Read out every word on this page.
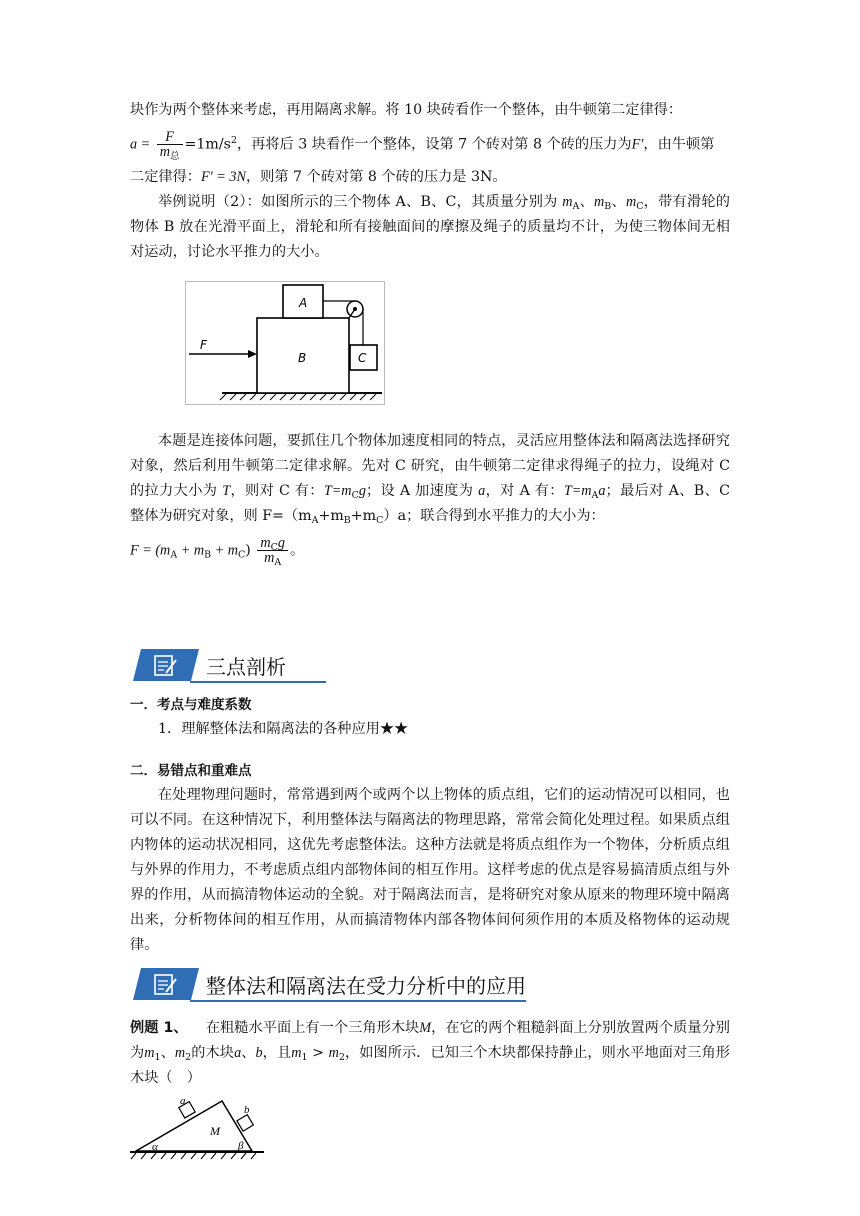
块作为两个整体来考虑，再用隔离求解。将 10 块砖看作一个整体，由牛顿第二定律得：

$a = \frac{F}{m_总} =1m/s^2$，再将后 3 块看作一个整体，设第 7 个砖对第 8 个砖的压力为F′，由牛顿第

二定律得：F′ = 3N，则第 7 个砖对第 8 个砖的压力是 3N。

举例说明（2）：如图所示的三个物体 A、B、C，其质量分别为 $m_A$、$m_B$、$m_C$，带有滑轮的物体 B 放在光滑平面上，滑轮和所有接触面间的摩擦及绳子的质量均不计，为使三物体间无相对运动，讨论水平推力的大小。

F
A
B	C

本题是连接体问题，要抓住几个物体加速度相同的特点，灵活应用整体法和隔离法选择研究对象，然后利用牛顿第二定律求解。先对 C 研究，由牛顿第二定律求得绳子的拉力，设绳对 C 的拉力大小为 T，则对 C 有：$T=m_Cg$；设 A 加速度为 a，对 A 有：$T=m_Aa$；最后对 A、B、C 整体为研究对象，则 $F=(m_A+m_B+m_C)a$；联合得到水平推力的大小为：

$F = (m_A + m_B + m_C) \frac{m_Cg}{m_A}$ 。
三点剖析

一．考点与难度系数

1．理解整体法和隔离法的各种应用★★

二．易错点和重难点

在处理物理问题时，常常遇到两个或两个以上物体的质点组，它们的运动情况可以相同，也可以不同。在这种情况下，利用整体法与隔离法的物理思路，常常会简化处理过程。如果质点组内物体的运动状况相同，这优先考虑整体法。这种方法就是将质点组作为一个物体，分析质点组与外界的作用力，不考虑质点组内部物体间的相互作用。这样考虑的优点是容易搞清质点组与外界的作用，从而搞清物体运动的全貌。对于隔离法而言，是将研究对象从原来的物理环境中隔离出来，分析物体间的相互作用，从而搞清物体内部各物体间何须作用的本质及格物体的运动规律。

整体法和隔离法在受力分析中的应用

例题 1、 在粗糙水平面上有一个三角形木块M，在它的两个粗糙斜面上分别放置两个质量分别为$m_1$、$m_2$的木块a、b，且$m_1 > m_2$，如图所示．已知三个木块都保持静止，则水平地面对三角形木块（　）

a
b
M
α	β
